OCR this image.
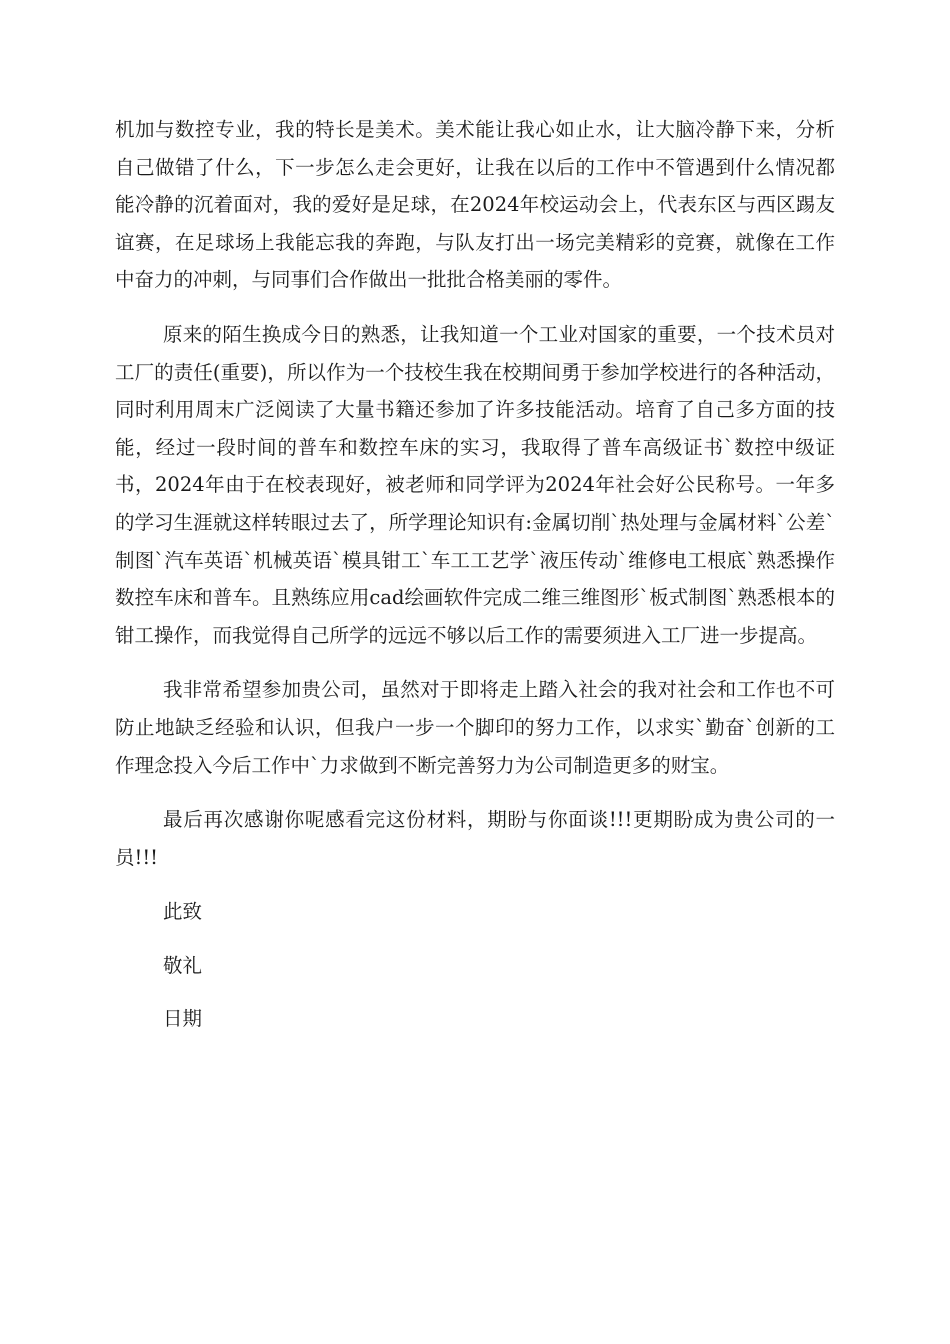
机加与数控专业，我的特长是美术。美术能让我心如止水，让大脑冷静下来，分析自己做错了什么，下一步怎么走会更好，让我在以后的工作中不管遇到什么情况都能冷静的沉着面对，我的爱好是足球，在2024年校运动会上，代表东区与西区踢友谊赛，在足球场上我能忘我的奔跑，与队友打出一场完美精彩的竞赛，就像在工作中奋力的冲刺，与同事们合作做出一批批合格美丽的零件。

原来的陌生换成今日的熟悉，让我知道一个工业对国家的重要，一个技术员对工厂的责任(重要)，所以作为一个技校生我在校期间勇于参加学校进行的各种活动，同时利用周末广泛阅读了大量书籍还参加了许多技能活动。培育了自己多方面的技能，经过一段时间的普车和数控车床的实习，我取得了普车高级证书`数控中级证书，2024年由于在校表现好，被老师和同学评为2024年社会好公民称号。一年多的学习生涯就这样转眼过去了，所学理论知识有:金属切削`热处理与金属材料`公差`制图`汽车英语`机械英语`模具钳工`车工工艺学`液压传动`维修电工根底`熟悉操作数控车床和普车。且熟练应用cad绘画软件完成二维三维图形`板式制图`熟悉根本的钳工操作，而我觉得自己所学的远远不够以后工作的需要须进入工厂进一步提高。

我非常希望参加贵公司，虽然对于即将走上踏入社会的我对社会和工作也不可防止地缺乏经验和认识，但我户一步一个脚印的努力工作，以求实`勤奋`创新的工作理念投入今后工作中`力求做到不断完善努力为公司制造更多的财宝。

最后再次感谢你呢感看完这份材料，期盼与你面谈!!!更期盼成为贵公司的一员!!!

此致

敬礼

日期
